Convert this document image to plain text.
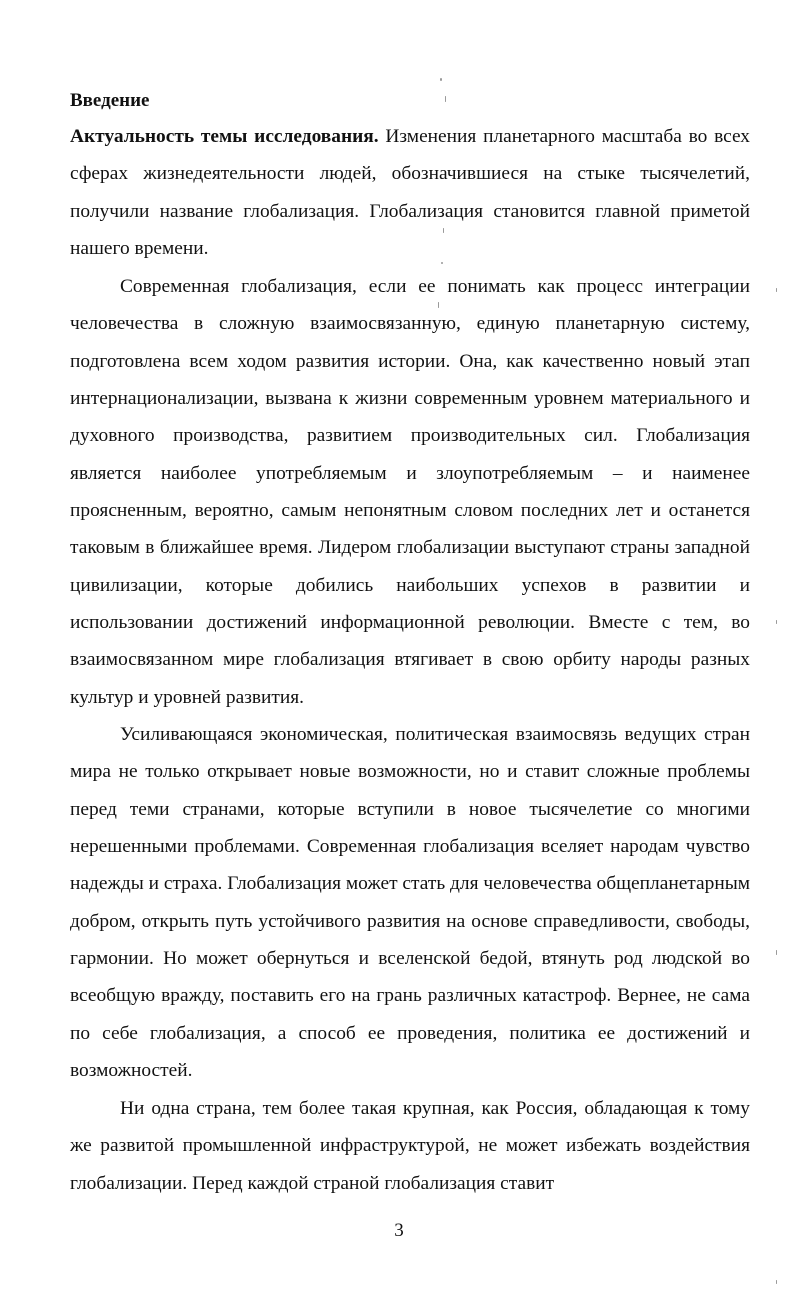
Введение

Актуальность темы исследования. Изменения планетарного масштаба во всех сферах жизнедеятельности людей, обозначившиеся на стыке тысячелетий, получили название глобализация. Глобализация становится главной приметой нашего времени.

Современная глобализация, если ее понимать как процесс интеграции человечества в сложную взаимосвязанную, единую планетарную систему, подготовлена всем ходом развития истории. Она, как качественно новый этап интернационализации, вызвана к жизни современным уровнем материального и духовного производства, развитием производительных сил. Глобализация является наиболее употребляемым и злоупотребляемым – и наименее проясненным, вероятно, самым непонятным словом последних лет и останется таковым в ближайшее время. Лидером глобализации выступают страны западной цивилизации, которые добились наибольших успехов в развитии и использовании достижений информационной революции. Вместе с тем, во взаимосвязанном мире глобализация втягивает в свою орбиту народы разных культур и уровней развития.

Усиливающаяся экономическая, политическая взаимосвязь ведущих стран мира не только открывает новые возможности, но и ставит сложные проблемы перед теми странами, которые вступили в новое тысячелетие со многими нерешенными проблемами. Современная глобализация вселяет народам чувство надежды и страха. Глобализация может стать для человечества общепланетарным добром, открыть путь устойчивого развития на основе справедливости, свободы, гармонии. Но может обернуться и вселенской бедой, втянуть род людской во всеобщую вражду, поставить его на грань различных катастроф. Вернее, не сама по себе глобализация, а способ ее проведения, политика ее достижений и возможностей.

Ни одна страна, тем более такая крупная, как Россия, обладающая к тому же развитой промышленной инфраструктурой, не может избежать воздействия глобализации. Перед каждой страной глобализация ставит

3
